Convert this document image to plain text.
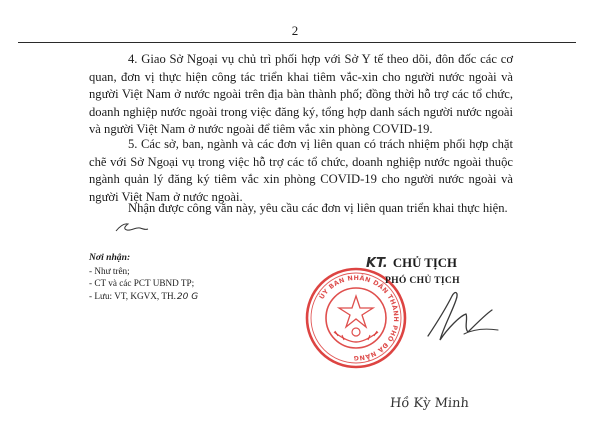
2

4. Giao Sở Ngoại vụ chủ trì phối hợp với Sở Y tế theo dõi, đôn đốc các cơ quan, đơn vị thực hiện công tác triển khai tiêm vắc-xin cho người nước ngoài và người Việt Nam ở nước ngoài trên địa bàn thành phố; đồng thời hỗ trợ các tổ chức, doanh nghiệp nước ngoài trong việc đăng ký, tổng hợp danh sách người nước ngoài và người Việt Nam ở nước ngoài để tiêm vắc xin phòng COVID-19.

5. Các sở, ban, ngành và các đơn vị liên quan có trách nhiệm phối hợp chặt chẽ với Sở Ngoại vụ trong việc hỗ trợ các tổ chức, doanh nghiệp nước ngoài thuộc ngành quản lý đăng ký tiêm vắc xin phòng COVID-19 cho người nước ngoài và người Việt Nam ở nước ngoài.

Nhận được công văn này, yêu cầu các đơn vị liên quan triển khai thực hiện.

Nơi nhận:
- Như trên;
- CT và các PCT UBND TP;
- Lưu: VT, KGVX, TH.20 G
KT. CHỦ TỊCH
ỦY BAN NHÂN DÂN THÀNH PHỐ ĐÀ NẴNG
PHÓ CHỦ TỊCH
Hồ Kỳ Minh
